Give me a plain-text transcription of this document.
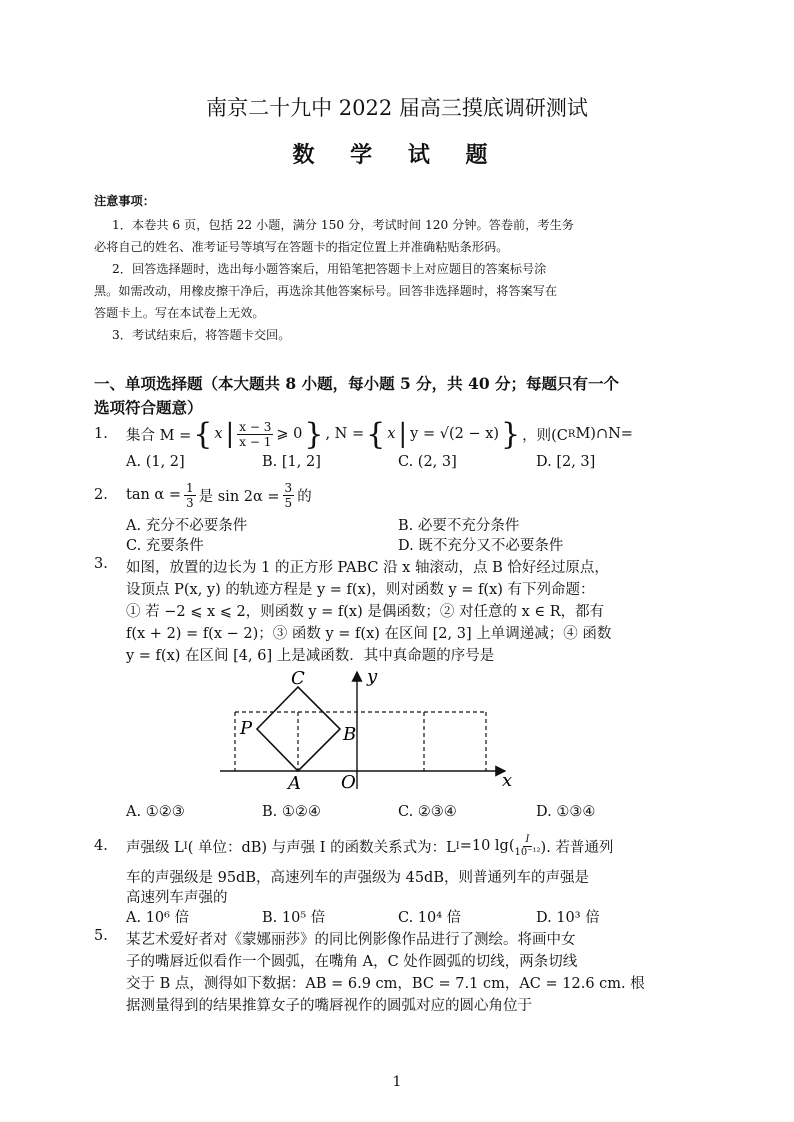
南京二十九中 2022 届高三摸底调研测试
数 学 试 题
注意事项：
1．本卷共 6 页，包括 22 小题，满分 150 分，考试时间 120 分钟。答卷前，考生务
必将自己的姓名、准考证号等填写在答题卡的指定位置上并准确粘贴条形码。
2．回答选择题时，选出每小题答案后，用铅笔把答题卡上对应题目的答案标号涂
黑。如需改动，用橡皮擦干净后，再选涂其他答案标号。回答非选择题时，将答案写在
答题卡上。写在本试卷上无效。
3．考试结束后，将答题卡交回。
一、单项选择题（本大题共 8 小题，每小题 5 分，共 40 分；每题只有一个
选项符合题意）
1.	集合 M = { x | $\frac{x - 3}{x - 1}$ ⩾ 0 } , N = { x | y = √(2 − x) } ，则(C R M)∩N=
A. (1, 2]	B. [1, 2]	C. (2, 3]	D. [2, 3]
2.	$\tan \alpha = \frac{1}{3}$ 是 $\sin 2\alpha = \frac{3}{5}$ 的
A. 充分不必要条件	B. 必要不充分条件
C. 充要条件	D. 既不充分又不必要条件
3. 如图，放置的边长为 1 的正方形 PABC 沿 x 轴滚动，点 B 恰好经过原点，
设顶点 P(x, y) 的轨迹方程是 y = f(x)，则对函数 y = f(x) 有下列命题：
① 若 −2 ⩽ x ⩽ 2，则函数 y = f(x) 是偶函数；② 对任意的 x ∈ R，都有
f(x + 2) = f(x − 2)；③ 函数 y = f(x) 在区间 [2, 3] 上单调递减；④ 函数
y = f(x) 在区间 [4, 6] 上是减函数．其中真命题的序号是
C	y
P	B
A O	x
A. ①②③	B. ①②④	C. ②③④	D. ①③④
4.	声强级 L I ( 单位：dB) 与声强 I 的函数关系式为：L I =10 $\lg( \frac{I}{\text{10⁻¹²}}$ ). 若普通列
车的声强级是 95dB，高速列车的声强级为 45dB，则普通列车的声强是
高速列车声强的
A. 10⁶ 倍	B. 10⁵ 倍	C. 10⁴ 倍	D. 10³ 倍
5. 某艺术爱好者对《蒙娜丽莎》的同比例影像作品进行了测绘。将画中女
子的嘴唇近似看作一个圆弧，在嘴角 A，C 处作圆弧的切线，两条切线
交于 B 点，测得如下数据：AB = 6.9 cm，BC = 7.1 cm，AC = 12.6 cm. 根
据测量得到的结果推算女子的嘴唇视作的圆弧对应的圆心角位于
1
